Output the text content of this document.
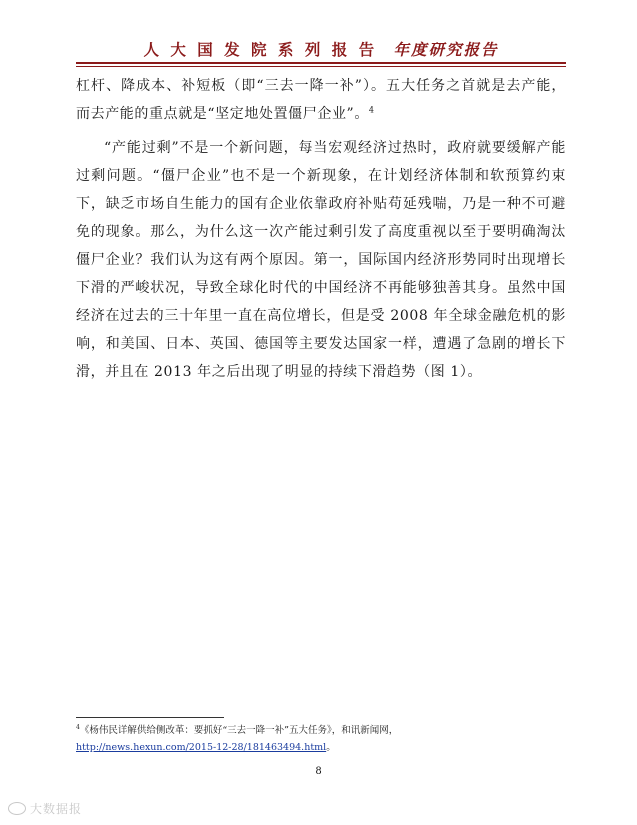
人 大 国 发 院 系 列 报 告 年度研究报告

杠杆、降成本、补短板（即“三去一降一补”）。五大任务之首就是去产能，而去产能的重点就是“坚定地处置僵尸企业”。$^4$

“产能过剩”不是一个新问题，每当宏观经济过热时，政府就要缓解产能过剩问题。“僵尸企业”也不是一个新现象，在计划经济体制和软预算约束下，缺乏市场自生能力的国有企业依靠政府补贴苟延残喘，乃是一种不可避免的现象。那么，为什么这一次产能过剩引发了高度重视以至于要明确淘汰僵尸企业？我们认为这有两个原因。第一，国际国内经济形势同时出现增长下滑的严峻状况，导致全球化时代的中国经济不再能够独善其身。虽然中国经济在过去的三十年里一直在高位增长，但是受 2008 年全球金融危机的影响，和美国、日本、英国、德国等主要发达国家一样，遭遇了急剧的增长下滑，并且在 2013 年之后出现了明显的持续下滑趋势（图 1）。

$^4$《杨伟民详解供给侧改革：要抓好“三去一降一补”五大任务》，和讯新闻网，
http://news.hexun.com/2015-12-28/181463494.html。
8
大数据报
